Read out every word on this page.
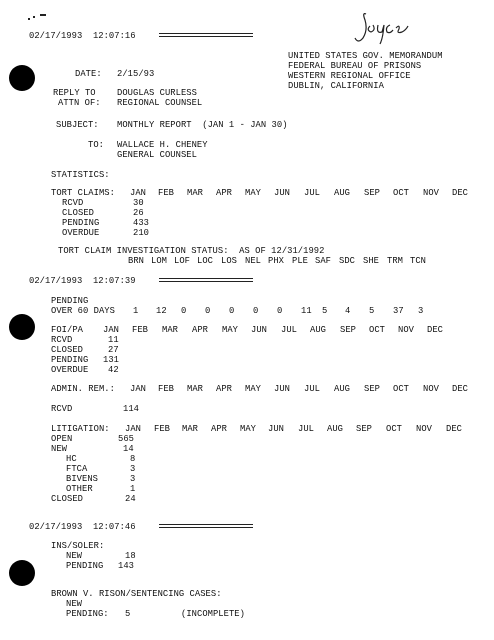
02/17/1993  12:07:16
UNITED STATES GOV. MEMORANDUM
FEDERAL BUREAU OF PRISONS
WESTERN REGIONAL OFFICE
DUBLIN, CALIFORNIA
DATE: 2/15/93
REPLY TO DOUGLAS CURLESS
ATTN OF: REGIONAL COUNSEL
SUBJECT: MONTHLY REPORT  (JAN 1 - JAN 30)
TO: WALLACE H. CHENEY
GENERAL COUNSEL
STATISTICS:
TORT CLAIMS: JAN FEB MAR APR MAY JUN JUL AUG SEP OCT NOV DEC
RCVD	30
CLOSED	26
PENDING	433
OVERDUE	210
TORT CLAIM INVESTIGATION STATUS:  AS OF 12/31/1992
BRN LOM LOF LOC LOS NEL PHX PLE SAF SDC SHE TRM TCN
02/17/1993  12:07:39
PENDING
OVER 60 DAYS 1 12 0 0 0 0 0 11 5 4 5 37 3
FOI/PA JAN FEB MAR APR MAY JUN JUL AUG SEP OCT NOV DEC
RCVD	11
CLOSED	27
PENDING 131
OVERDUE 42
ADMIN. REM.: JAN FEB MAR APR MAY JUN JUL AUG SEP OCT NOV DEC
RCVD	114
LITIGATION: JAN FEB MAR APR MAY JUN JUL AUG SEP OCT NOV DEC
OPEN	565
NEW	14
HC	8
FTCA	3
BIVENS	3
OTHER	1
CLOSED	24
02/17/1993  12:07:46
INS/SOLER:
NEW	18
PENDING 143
BROWN V. RISON/SENTENCING CASES:
NEW
PENDING: 5	(INCOMPLETE)
